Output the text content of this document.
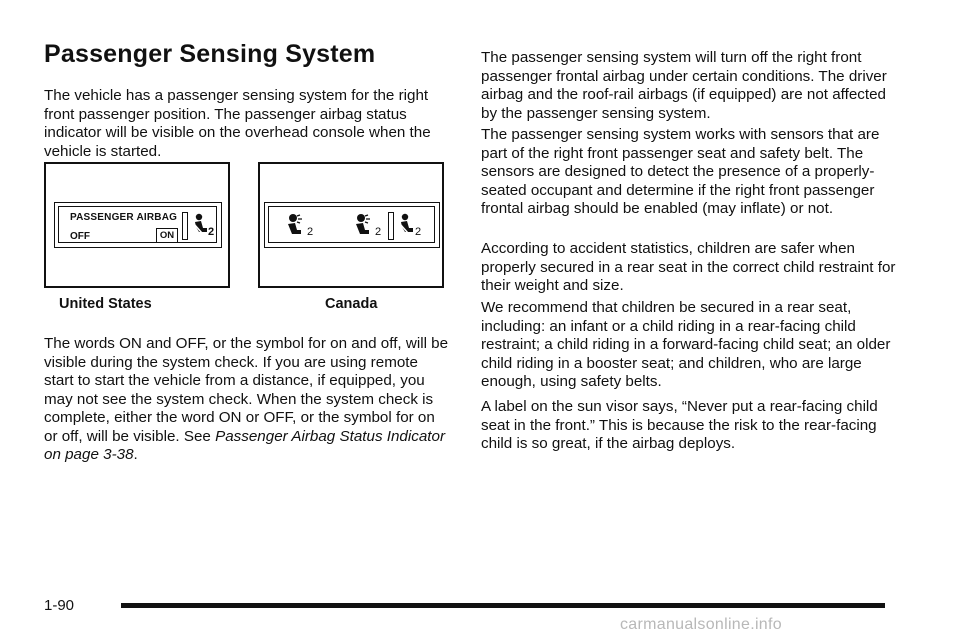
Passenger Sensing System

The vehicle has a passenger sensing system for the right front passenger position. The passenger airbag status indicator will be visible on the overhead console when the vehicle is started.

PASSENGER AIRBAG
OFF	ON	2
United States
2	2	2
Canada

The words ON and OFF, or the symbol for on and off, will be visible during the system check. If you are using remote start to start the vehicle from a distance, if equipped, you may not see the system check. When the system check is complete, either the word ON or OFF, or the symbol for on or off, will be visible. See Passenger Airbag Status Indicator on page 3-38.

The passenger sensing system will turn off the right front passenger frontal airbag under certain conditions. The driver airbag and the roof-rail airbags (if equipped) are not affected by the passenger sensing system.

The passenger sensing system works with sensors that are part of the right front passenger seat and safety belt. The sensors are designed to detect the presence of a properly-seated occupant and determine if the right front passenger frontal airbag should be enabled (may inflate) or not.

According to accident statistics, children are safer when properly secured in a rear seat in the correct child restraint for their weight and size.

We recommend that children be secured in a rear seat, including: an infant or a child riding in a rear-facing child restraint; a child riding in a forward-facing child seat; an older child riding in a booster seat; and children, who are large enough, using safety belts.

A label on the sun visor says, “Never put a rear-facing child seat in the front.” This is because the risk to the rear-facing child is so great, if the airbag deploys.

1-90
carmanualsonline.info
